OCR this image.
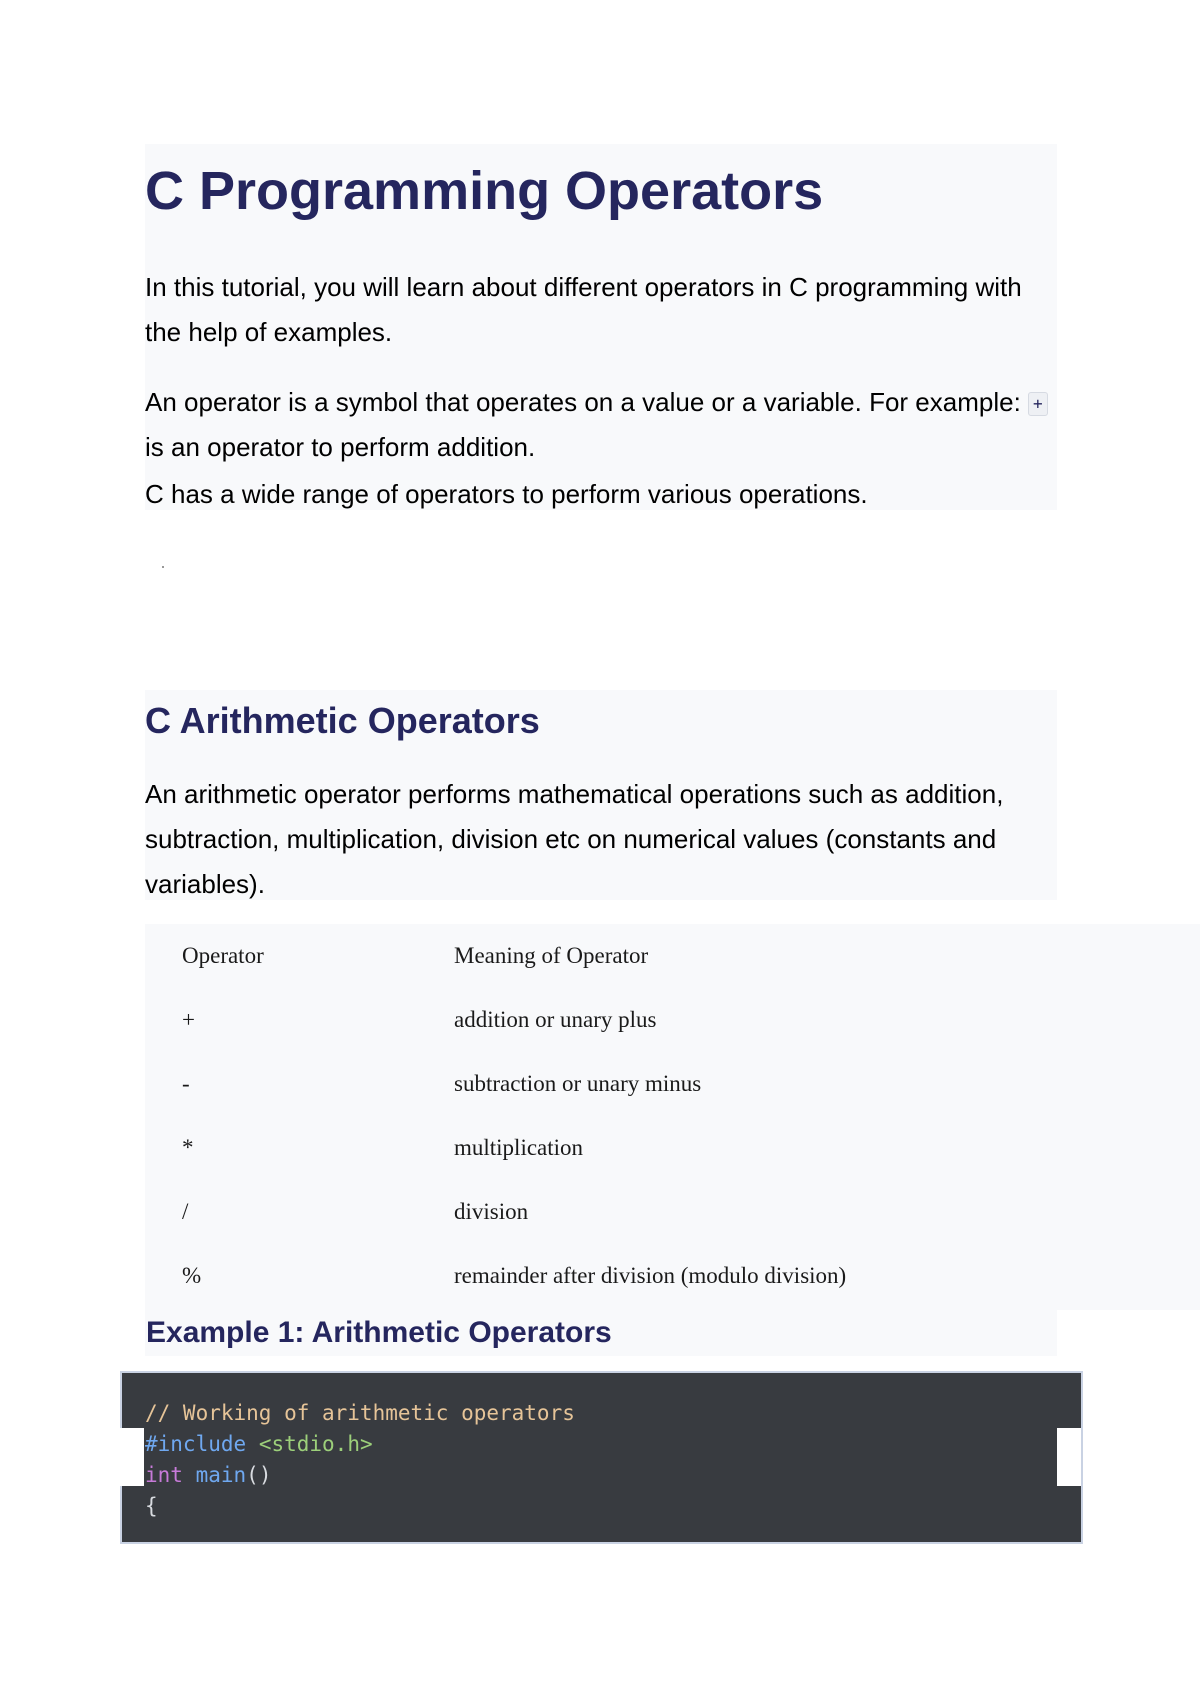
C Programming Operators

In this tutorial, you will learn about different operators in C programming with the help of examples.

An operator is a symbol that operates on a value or a variable. For example: + is an operator to perform addition.

C has a wide range of operators to perform various operations.

C Arithmetic Operators

An arithmetic operator performs mathematical operations such as addition, subtraction, multiplication, division etc on numerical values (constants and variables).

Operator	Meaning of Operator
+	addition or unary plus
-	subtraction or unary minus
*	multiplication
/	division
%	remainder after division (modulo division)
Example 1: Arithmetic Operators
// Working of arithmetic operators
#include <stdio.h>
int main()
{
